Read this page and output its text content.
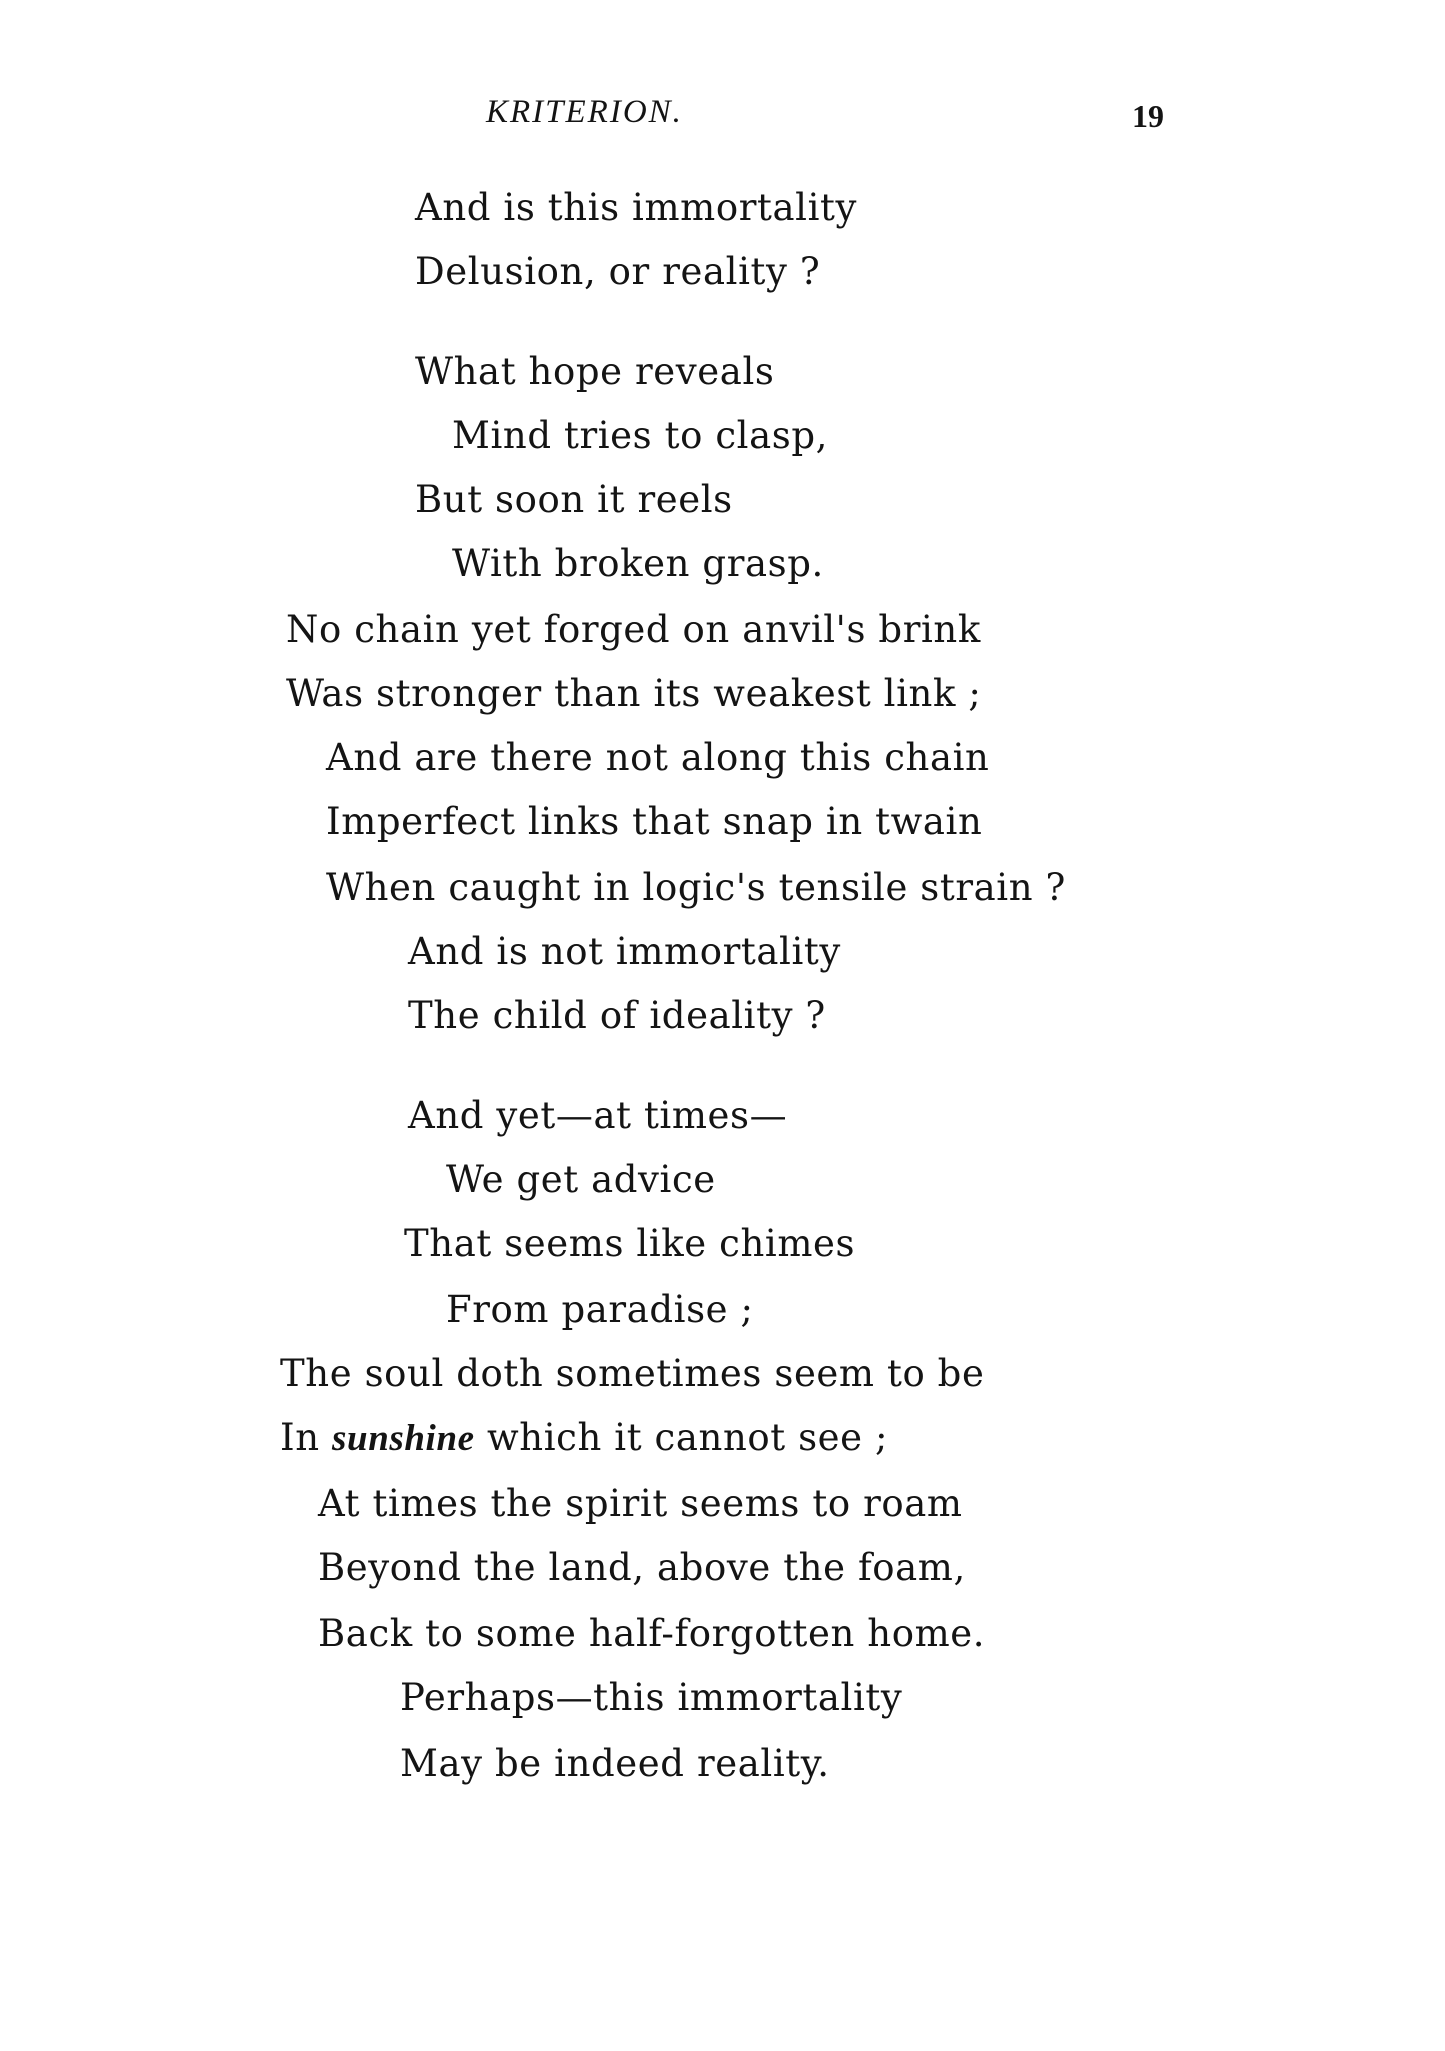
KRITERION.	19
And is this immortality
Delusion, or reality ?
What hope reveals
Mind tries to clasp,
But soon it reels
With broken grasp.
No chain yet forged on anvil's brink
Was stronger than its weakest link ;
And are there not along this chain
Imperfect links that snap in twain
When caught in logic's tensile strain ?
And is not immortality
The child of ideality ?
And yet—at times—
We get advice
That seems like chimes
From paradise ;
The soul doth sometimes seem to be
In sunshine which it cannot see ;
At times the spirit seems to roam
Beyond the land, above the foam,
Back to some half-forgotten home.
Perhaps—this immortality
May be indeed reality.
